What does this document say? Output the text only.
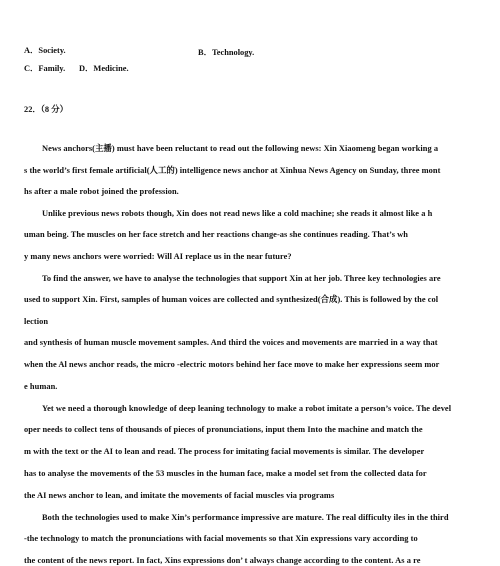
A．Society.	B．Technology.
C．Family. D．Medicine.
22．（8 分）
News anchors(主播) must have been reluctant to read out the following news: Xin Xiaomeng began working a
s the world’s first female artificial(人工的) intelligence news anchor at Xinhua News Agency on Sunday, three mont
hs after a male robot joined the profession.
Unlike previous news robots though, Xin does not read news like a cold machine; she reads it almost like a h
uman being. The muscles on her face stretch and her reactions change-as she continues reading. That’s wh
y many news anchors were worried: Will AI replace us in the near future?
To find the answer, we have to analyse the technologies that support Xin at her job. Three key technologies are
used to support Xin. First, samples of human voices are collected and synthesized(合成). This is followed by the col
lection
and synthesis of human muscle movement samples. And third the voices and movements are married in a way that
when the Al news anchor reads, the micro -electric motors behind her face move to make her expressions seem mor
e human.
Yet we need a thorough knowledge of deep leaning technology to make a robot imitate a person’s voice. The devel
oper needs to collect tens of thousands of pieces of pronunciations, input them Into the machine and match the
m with the text or the AI to lean and read. The process for imitating facial movements is similar. The developer
has to analyse the movements of the 53 muscles in the human face, make a model set from the collected data for
the AI news anchor to lean, and imitate the movements of facial muscles via programs
Both the technologies used to make Xin’s performance impressive are mature. The real difficulty iles in the third
-the technology to match the pronunciations with facial movements so that Xin expressions vary according to
the content of the news report. In fact, Xins expressions don’ t always change according to the content. As a re
